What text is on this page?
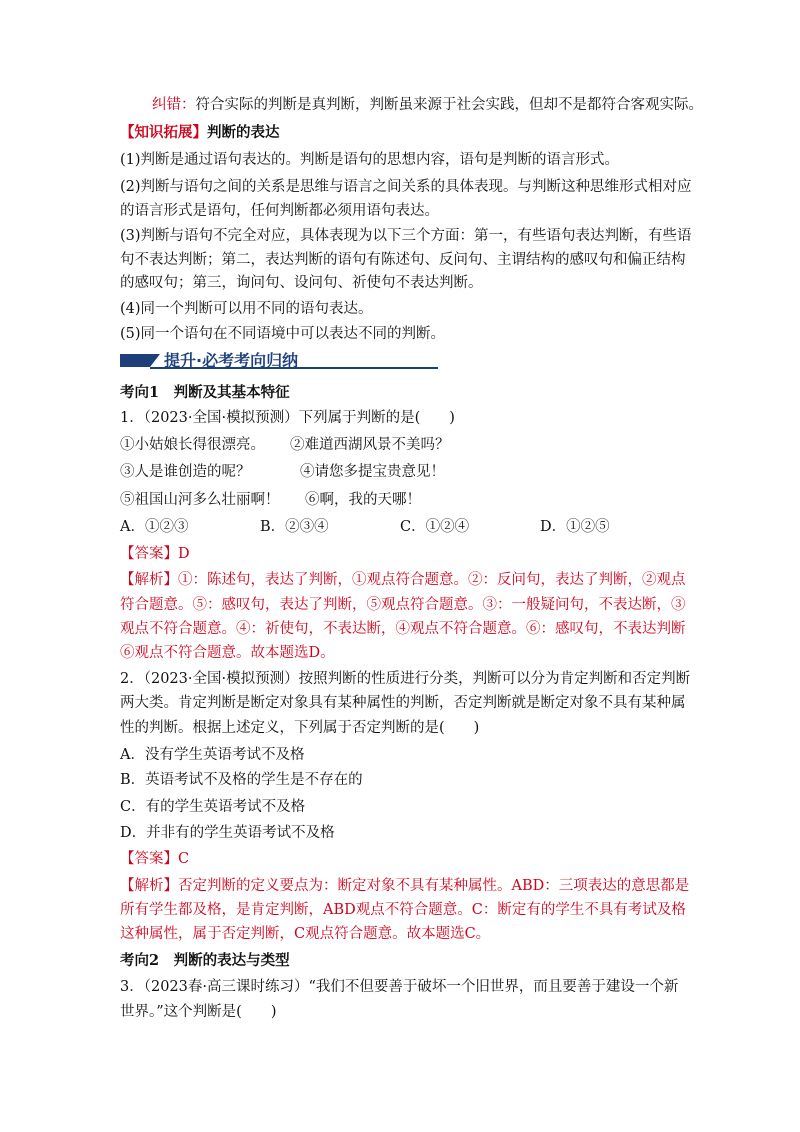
纠错：符合实际的判断是真判断，判断虽来源于社会实践，但却不是都符合客观实际。
【知识拓展】判断的表达
(1)判断是通过语句表达的。判断是语句的思想内容，语句是判断的语言形式。
(2)判断与语句之间的关系是思维与语言之间关系的具体表现。与判断这种思维形式相对应
的语言形式是语句，任何判断都必须用语句表达。
(3)判断与语句不完全对应，具体表现为以下三个方面：第一，有些语句表达判断，有些语
句不表达判断；第二，表达判断的语句有陈述句、反问句、主谓结构的感叹句和偏正结构
的感叹句；第三，询问句、设问句、祈使句不表达判断。
(4)同一个判断可以用不同的语句表达。
(5)同一个语句在不同语境中可以表达不同的判断。
提升·必考考向归纳
考向1　判断及其基本特征
1．（2023·全国·模拟预测）下列属于判断的是(　　)
①小姑娘长得很漂亮。 ②难道西湖风景不美吗？
③人是谁创造的呢？	④请您多提宝贵意见！
⑤祖国山河多么壮丽啊！ ⑥啊，我的天哪！
A．①②③	B．②③④	C．①②④	D．①②⑤
【答案】D
【解析】①：陈述句，表达了判断，①观点符合题意。②：反问句，表达了判断，②观点
符合题意。⑤：感叹句，表达了判断，⑤观点符合题意。③：一般疑问句，不表达断，③
观点不符合题意。④：祈使句，不表达断，④观点不符合题意。⑥：感叹句，不表达判断
⑥观点不符合题意。故本题选D。
2．（2023·全国·模拟预测）按照判断的性质进行分类，判断可以分为肯定判断和否定判断
两大类。肯定判断是断定对象具有某种属性的判断，否定判断就是断定对象不具有某种属
性的判断。根据上述定义，下列属于否定判断的是(　　)
A．没有学生英语考试不及格
B．英语考试不及格的学生是不存在的
C．有的学生英语考试不及格
D．并非有的学生英语考试不及格
【答案】C
【解析】否定判断的定义要点为：断定对象不具有某种属性。ABD：三项表达的意思都是
所有学生都及格，是肯定判断，ABD观点不符合题意。C：断定有的学生不具有考试及格
这种属性，属于否定判断，C观点符合题意。故本题选C。
考向2　判断的表达与类型
3．（2023春·高三课时练习）“我们不但要善于破坏一个旧世界，而且要善于建设一个新
世界。”这个判断是(　　)
